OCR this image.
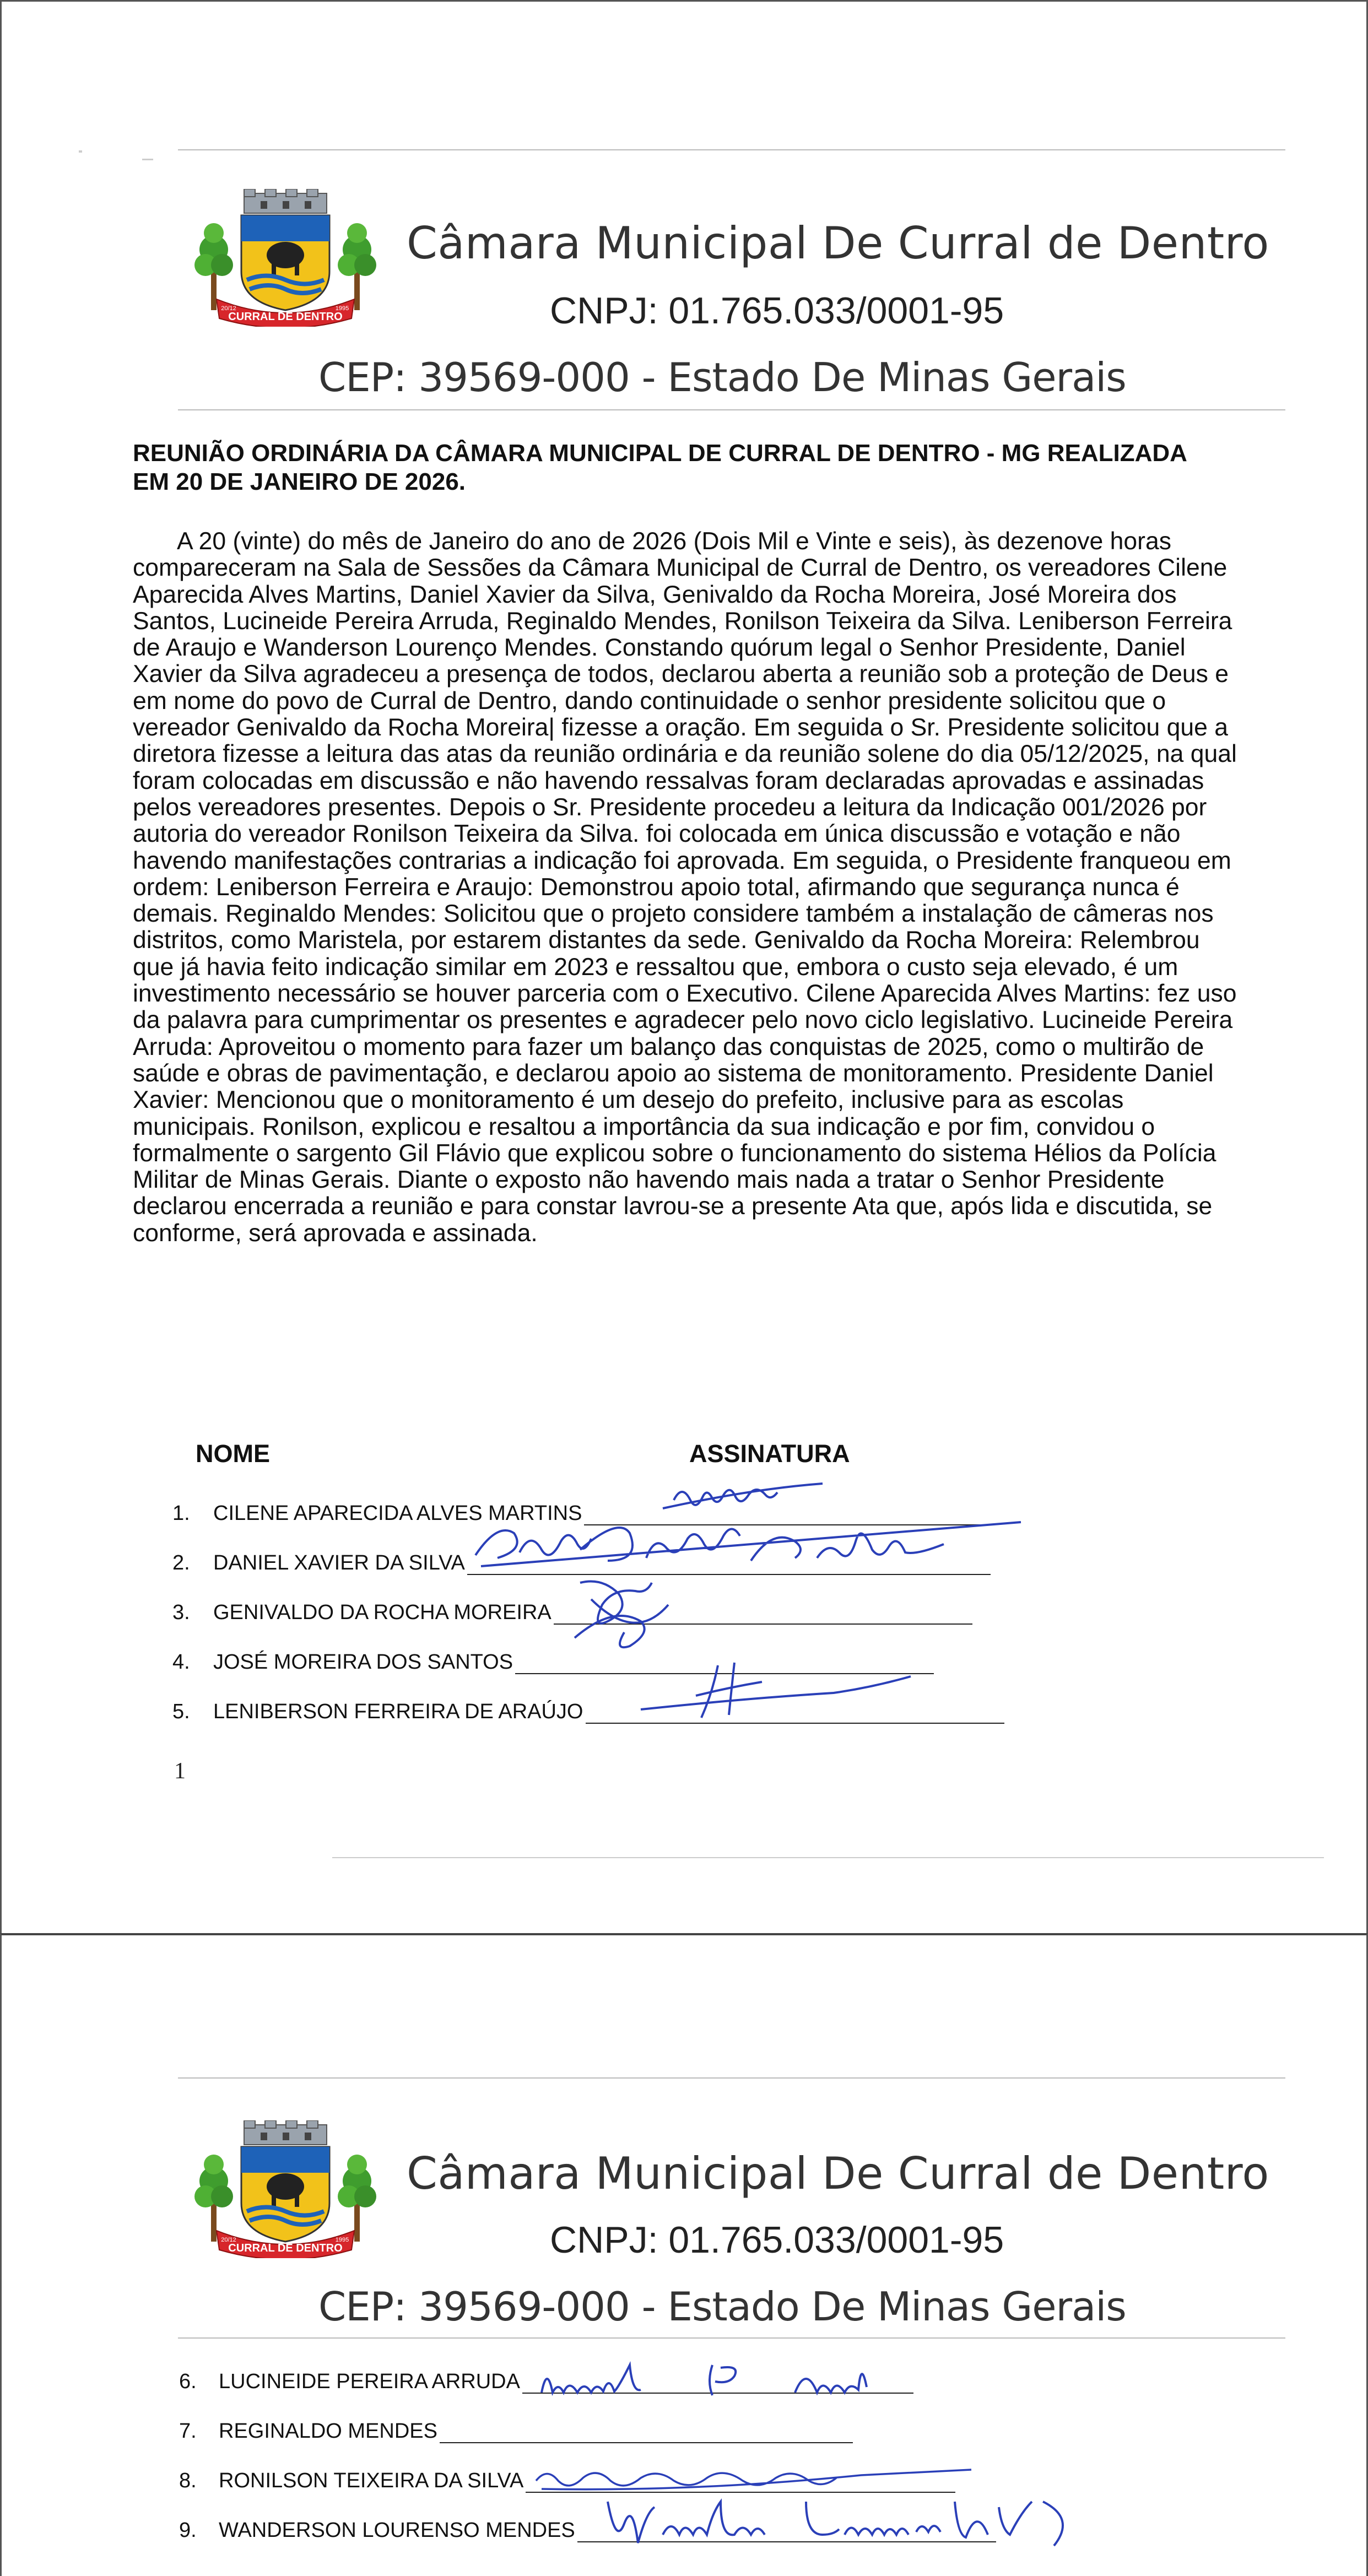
CURRAL DE DENTRO
20/12	1995
Câmara Municipal De Curral de Dentro
CNPJ: 01.765.033/0001-95
CEP: 39569-000 - Estado De Minas Gerais
REUNIÃO ORDINÁRIA DA CÂMARA MUNICIPAL DE CURRAL DE DENTRO - MG REALIZADA EM 20 DE JANEIRO DE 2026.

A 20 (vinte) do mês de Janeiro do ano de 2026 (Dois Mil e Vinte e seis), às dezenove horas compareceram na Sala de Sessões da Câmara Municipal de Curral de Dentro, os vereadores Cilene Aparecida Alves Martins, Daniel Xavier da Silva, Genivaldo da Rocha Moreira, José Moreira dos Santos, Lucineide Pereira Arruda, Reginaldo Mendes, Ronilson Teixeira da Silva. Leniberson Ferreira de Araujo e Wanderson Lourenço Mendes. Constando quórum legal o Senhor Presidente, Daniel Xavier da Silva agradeceu a presença de todos, declarou aberta a reunião sob a proteção de Deus e em nome do povo de Curral de Dentro, dando continuidade o senhor presidente solicitou que o vereador Genivaldo da Rocha Moreira| fizesse a oração. Em seguida o Sr. Presidente solicitou que a diretora fizesse a leitura das atas da reunião ordinária e da reunião solene do dia 05/12/2025, na qual foram colocadas em discussão e não havendo ressalvas foram declaradas aprovadas e assinadas pelos vereadores presentes. Depois o Sr. Presidente procedeu a leitura da Indicação 001/2026 por autoria do vereador Ronilson Teixeira da Silva. foi colocada em única discussão e votação e não havendo manifestações contrarias a indicação foi aprovada. Em seguida, o Presidente franqueou em ordem: Leniberson Ferreira e Araujo: Demonstrou apoio total, afirmando que segurança nunca é demais. Reginaldo Mendes: Solicitou que o projeto considere também a instalação de câmeras nos distritos, como Maristela, por estarem distantes da sede. Genivaldo da Rocha Moreira: Relembrou que já havia feito indicação similar em 2023 e ressaltou que, embora o custo seja elevado, é um investimento necessário se houver parceria com o Executivo. Cilene Aparecida Alves Martins: fez uso da palavra para cumprimentar os presentes e agradecer pelo novo ciclo legislativo. Lucineide Pereira Arruda: Aproveitou o momento para fazer um balanço das conquistas de 2025, como o multirão de saúde e obras de pavimentação, e declarou apoio ao sistema de monitoramento. Presidente Daniel Xavier: Mencionou que o monitoramento é um desejo do prefeito, inclusive para as escolas municipais. Ronilson, explicou e resaltou a importância da sua indicação e por fim, convidou o formalmente o sargento Gil Flávio que explicou sobre o funcionamento do sistema Hélios da Polícia Militar de Minas Gerais. Diante o exposto não havendo mais nada a tratar o Senhor Presidente declarou encerrada a reunião e para constar lavrou-se a presente Ata que, após lida e discutida, se conforme, será aprovada e assinada.

NOME	ASSINATURA
1.	CILENE APARECIDA ALVES MARTINS
2.	DANIEL XAVIER DA SILVA
3.	GENIVALDO DA ROCHA MOREIRA
4.	JOSÉ MOREIRA DOS SANTOS
5.	LENIBERSON FERREIRA DE ARAÚJO
1
CURRAL DE DENTRO
20/12	1995
Câmara Municipal De Curral de Dentro
CNPJ: 01.765.033/0001-95
CEP: 39569-000 - Estado De Minas Gerais
6.	LUCINEIDE PEREIRA ARRUDA
7.	REGINALDO MENDES
8.	RONILSON TEIXEIRA DA SILVA
9.	WANDERSON LOURENSO MENDES
